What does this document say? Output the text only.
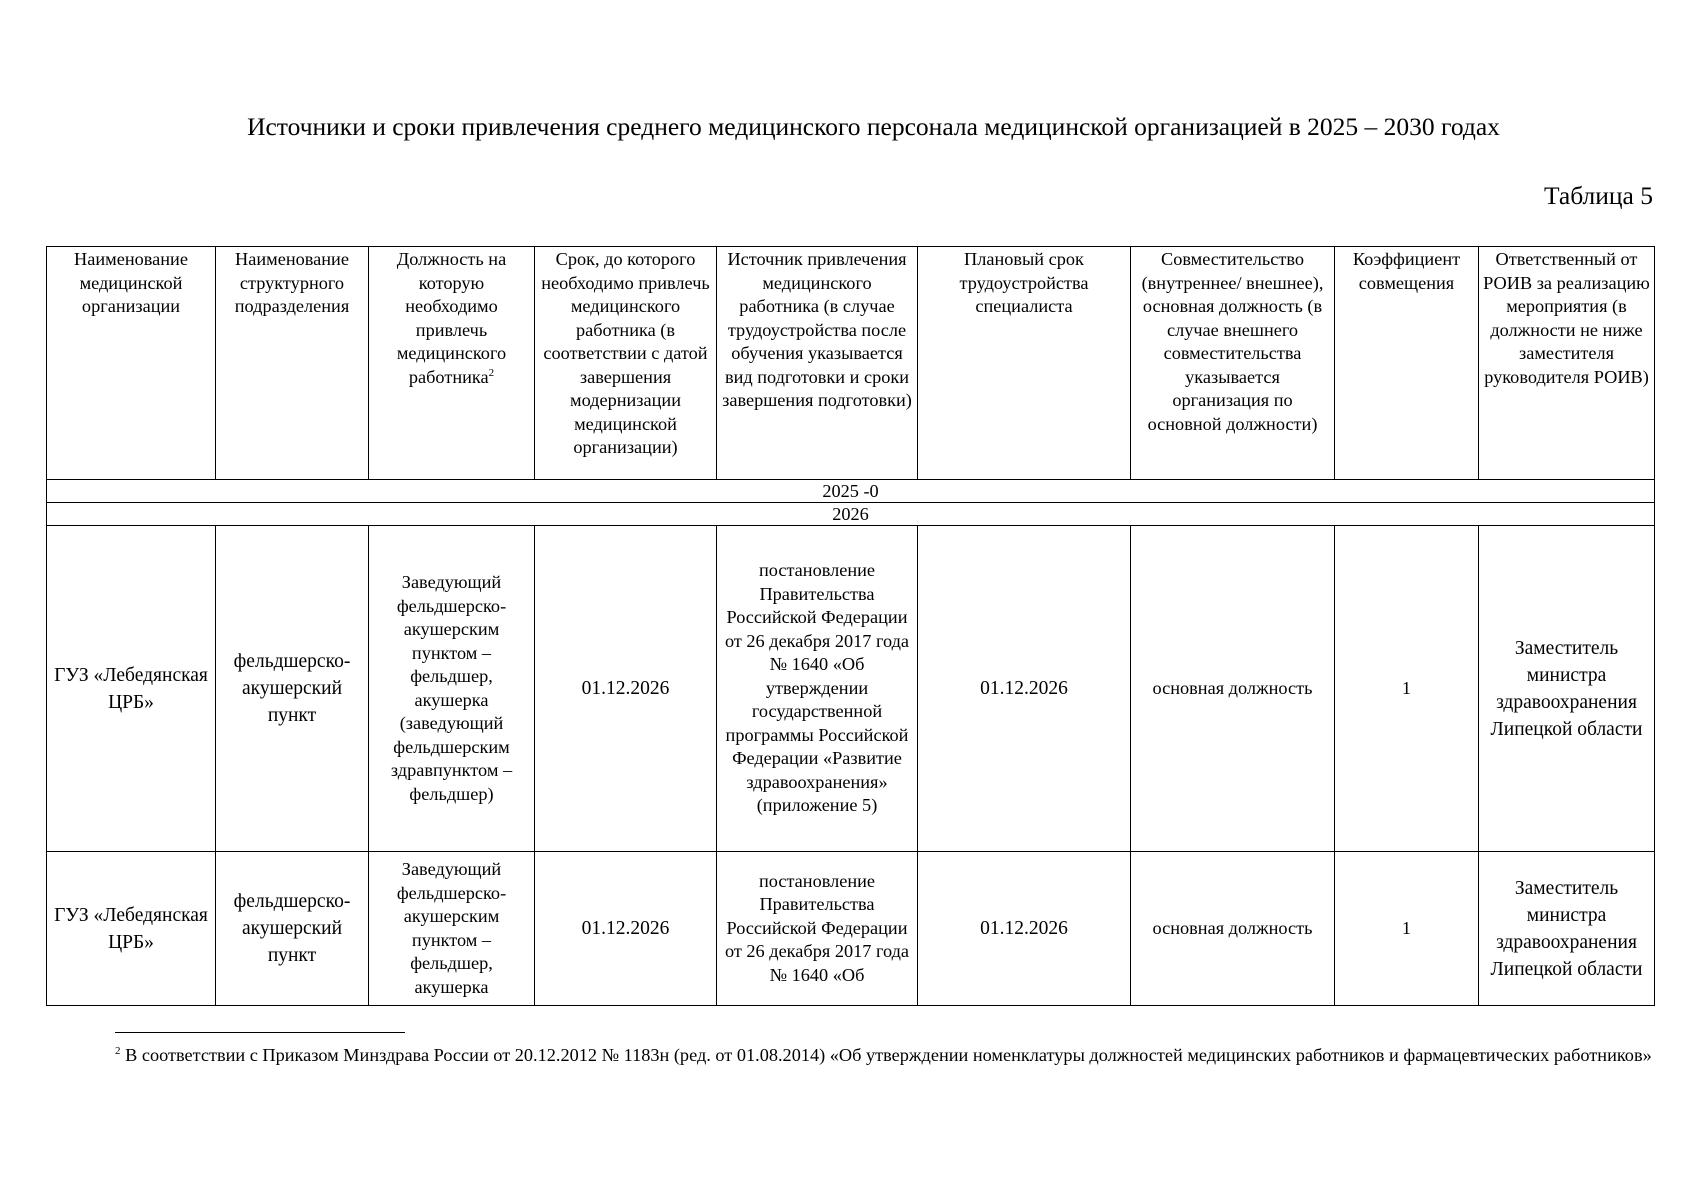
Источники и сроки привлечения среднего медицинского персонала медицинской организацией в 2025 – 2030 годах
Таблица 5
Наименование медицинской организации	Наименование структурного подразделения	Должность на которую необходимо привлечь медицинского работника$^2$	Срок, до которого необходимо привлечь медицинского работника (в соответствии с датой завершения модернизации медицинской организации)	Источник привлечения медицинского работника (в случае трудоустройства после обучения указывается вид подготовки и сроки завершения подготовки)	Плановый срок трудоустройства специалиста	Совместительство (внутреннее/ внешнее), основная должность (в случае внешнего совместительства указывается организация по основной должности)	Коэффициент совмещения	Ответственный от РОИВ за реализацию мероприятия (в должности не ниже заместителя руководителя РОИВ)
2025 -0								
2026								
ГУЗ «Лебедянская ЦРБ»	фельдшерско-акушерский пункт	Заведующий фельдшерско-акушерским пунктом – фельдшер, акушерка (заведующий фельдшерским здравпунктом – фельдшер)	01.12.2026	постановление Правительства Российской Федерации от 26 декабря 2017 года № 1640 «Об утверждении государственной программы Российской Федерации «Развитие здравоохранения» (приложение 5)	01.12.2026	основная должность	1	Заместитель министра здравоохранения Липецкой области
ГУЗ «Лебедянская ЦРБ»	фельдшерско-акушерский пункт	Заведующий фельдшерско-акушерским пунктом – фельдшер, акушерка	01.12.2026	постановление Правительства Российской Федерации от 26 декабря 2017 года № 1640 «Об	01.12.2026	основная должность	1	Заместитель министра здравоохранения Липецкой области
$^2$ В соответствии с Приказом Минздрава России от 20.12.2012 № 1183н (ред. от 01.08.2014) «Об утверждении номенклатуры должностей медицинских работников и фармацевтических работников»
